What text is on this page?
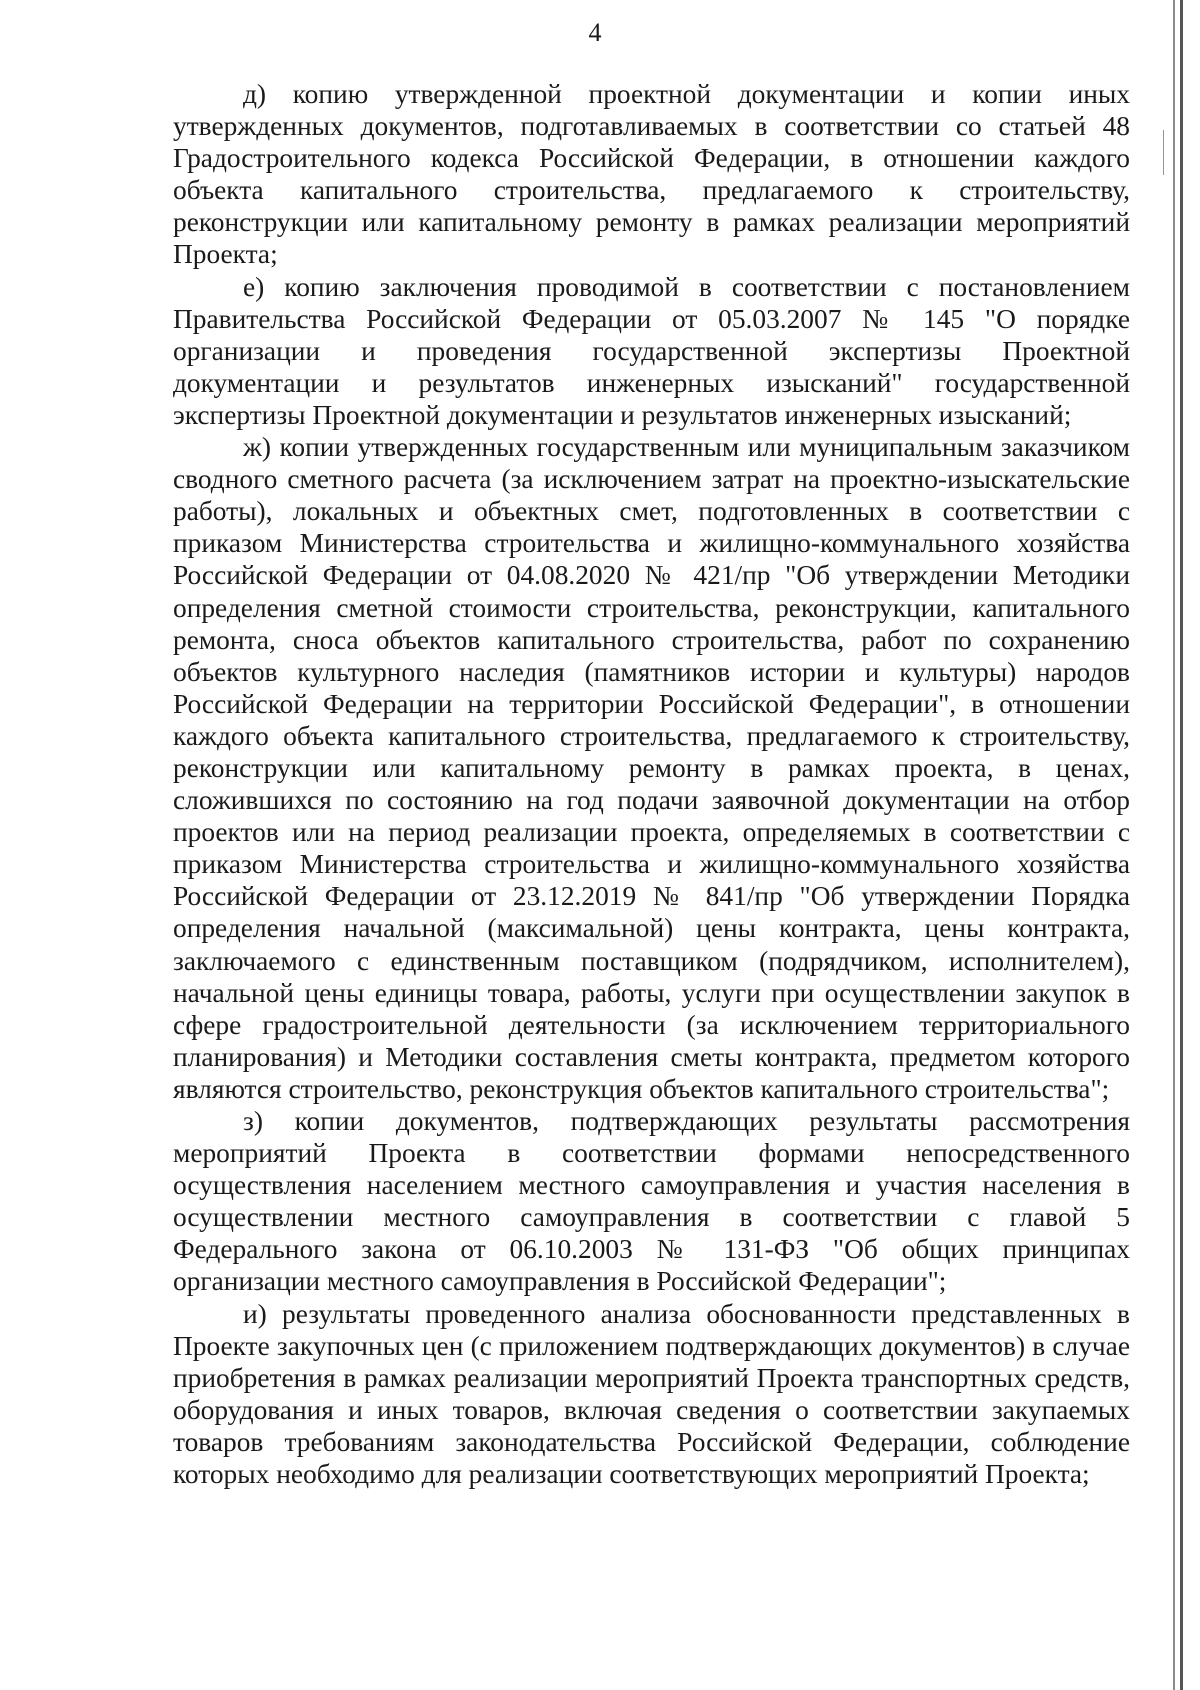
4

д) копию утвержденной проектной документации и копии иных утвержденных документов, подготавливаемых в соответствии со статьей 48 Градостроительного кодекса Российской Федерации, в отношении каждого объекта капитального строительства, предлагаемого к строительству, реконструкции или капитальному ремонту в рамках реализации мероприятий Проекта;

е) копию заключения проводимой в соответствии с постановлением Правительства Российской Федерации от 05.03.2007 № 145 "О порядке организации и проведения государственной экспертизы Проектной документации и результатов инженерных изысканий" государственной экспертизы Проектной документации и результатов инженерных изысканий;

ж) копии утвержденных государственным или муниципальным заказчиком сводного сметного расчета (за исключением затрат на проектно-изыскательские работы), локальных и объектных смет, подготовленных в соответствии с приказом Министерства строительства и жилищно-коммунального хозяйства Российской Федерации от 04.08.2020 № 421/пр "Об утверждении Методики определения сметной стоимости строительства, реконструкции, капитального ремонта, сноса объектов капитального строительства, работ по сохранению объектов культурного наследия (памятников истории и культуры) народов Российской Федерации на территории Российской Федерации", в отношении каждого объекта капитального строительства, предлагаемого к строительству, реконструкции или капитальному ремонту в рамках проекта, в ценах, сложившихся по состоянию на год подачи заявочной документации на отбор проектов или на период реализации проекта, определяемых в соответствии с приказом Министерства строительства и жилищно-коммунального хозяйства Российской Федерации от 23.12.2019 № 841/пр "Об утверждении Порядка определения начальной (максимальной) цены контракта, цены контракта, заключаемого с единственным поставщиком (подрядчиком, исполнителем), начальной цены единицы товара, работы, услуги при осуществлении закупок в сфере градостроительной деятельности (за исключением территориального планирования) и Методики составления сметы контракта, предметом которого являются строительство, реконструкция объектов капитального строительства";

з) копии документов, подтверждающих результаты рассмотрения мероприятий Проекта в соответствии формами непосредственного осуществления населением местного самоуправления и участия населения в осуществлении местного самоуправления в соответствии с главой 5 Федерального закона от 06.10.2003 № 131-ФЗ "Об общих принципах организации местного самоуправления в Российской Федерации";

и) результаты проведенного анализа обоснованности представленных в Проекте закупочных цен (с приложением подтверждающих документов) в случае приобретения в рамках реализации мероприятий Проекта транспортных средств, оборудования и иных товаров, включая сведения о соответствии закупаемых товаров требованиям законодательства Российской Федерации, соблюдение которых необходимо для реализации соответствующих мероприятий Проекта;
